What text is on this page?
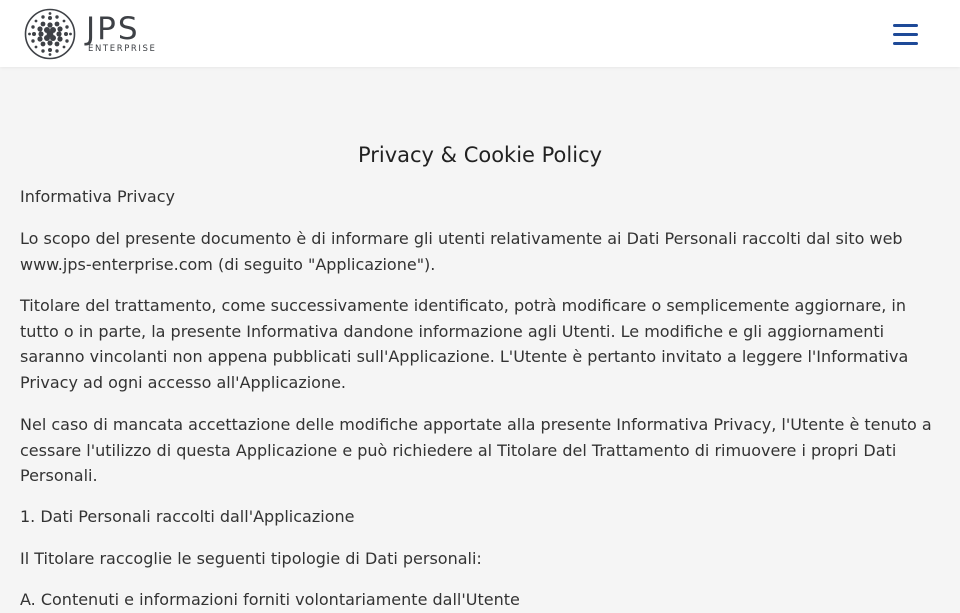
JPS
ENTERPRISE
Privacy & Cookie Policy

Informativa Privacy

Lo scopo del presente documento è di informare gli utenti relativamente ai Dati Personali raccolti dal sito web www.jps-enterprise.com (di seguito "Applicazione").

Titolare del trattamento, come successivamente identificato, potrà modificare o semplicemente aggiornare, in tutto o in parte, la presente Informativa dandone informazione agli Utenti. Le modifiche e gli aggiornamenti saranno vincolanti non appena pubblicati sull'Applicazione. L'Utente è pertanto invitato a leggere l'Informativa Privacy ad ogni accesso all'Applicazione.

Nel caso di mancata accettazione delle modifiche apportate alla presente Informativa Privacy, l'Utente è tenuto a cessare l'utilizzo di questa Applicazione e può richiedere al Titolare del Trattamento di rimuovere i propri Dati Personali.

1. Dati Personali raccolti dall'Applicazione

Il Titolare raccoglie le seguenti tipologie di Dati personali:

A. Contenuti e informazioni forniti volontariamente dall'Utente
